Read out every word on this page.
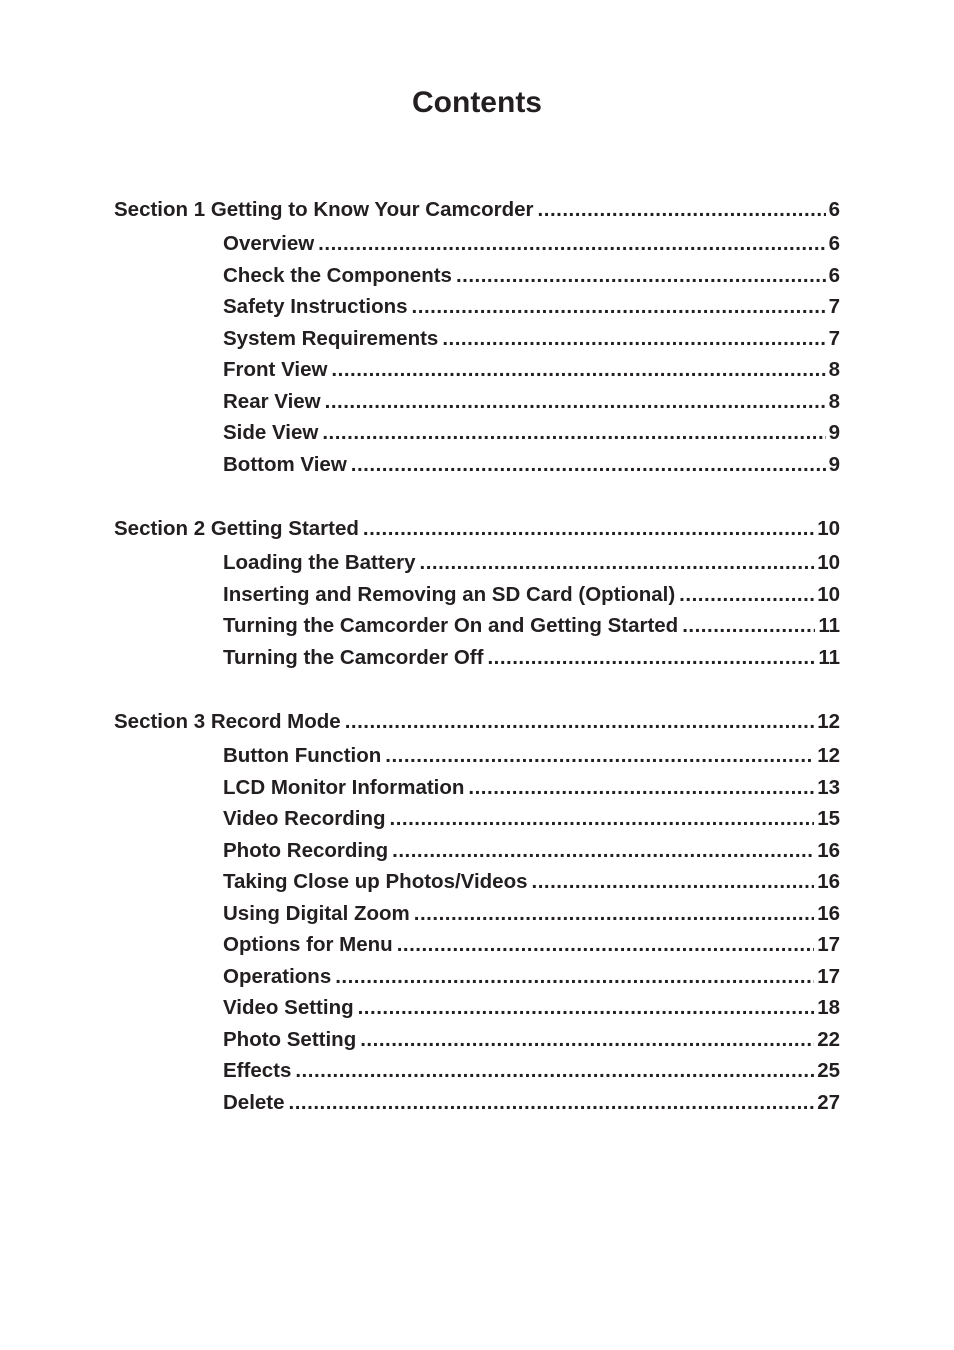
Contents
Section 1 Getting to Know Your Camcorder .....	6
Overview .....	6
Check the Components .....	6
Safety Instructions .....	7
System Requirements .....	7
Front View .....	8
Rear View .....	8
Side View .....	9
Bottom View .....	9
Section 2 Getting Started .....	10
Loading the Battery .....	10
Inserting and Removing an SD Card (Optional) .....	10
Turning the Camcorder On and Getting Started .....	11
Turning the Camcorder Off .....	11
Section 3 Record Mode .....	12
Button Function .....	12
LCD Monitor Information .....	13
Video Recording .....	15
Photo Recording .....	16
Taking Close up Photos/Videos .....	16
Using Digital Zoom .....	16
Options for Menu .....	17
Operations .....	17
Video Setting .....	18
Photo Setting .....	22
Effects .....	25
Delete .....	27
